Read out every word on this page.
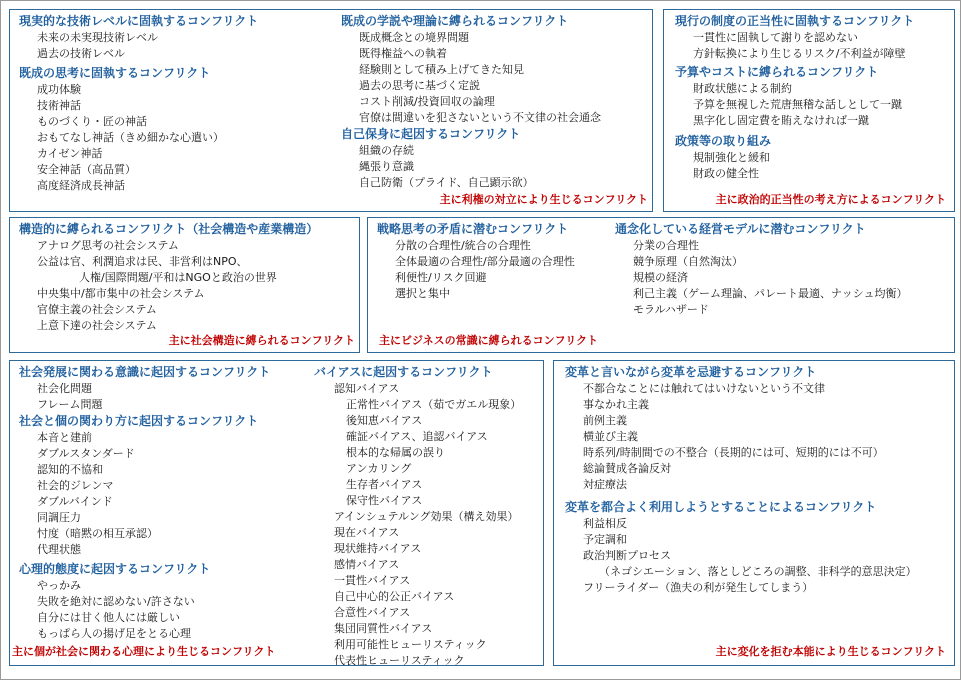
現実的な技術レベルに固執するコンフリクト
未来の未実現技術レベル
過去の技術レベル
既成の思考に固執するコンフリクト
成功体験
技術神話
ものづくり・匠の神話
おもてなし神話（きめ細かな心遣い）
カイゼン神話
安全神話（高品質）
高度経済成長神話
既成の学説や理論に縛られるコンフリクト
既成概念との境界問題
既得権益への執着
経験則として積み上げてきた知見
過去の思考に基づく定説
コスト削減/投資回収の論理
官僚は間違いを犯さないという不文律の社会通念
自己保身に起因するコンフリクト
組織の存続
縄張り意識
自己防衛（プライド、自己顕示欲）
主に利権の対立により生じるコンフリクト
現行の制度の正当性に固執するコンフリクト
一貫性に固執して謝りを認めない
方針転換により生じるリスク/不利益が障壁
予算やコストに縛られるコンフリクト
財政状態による制約
予算を無視した荒唐無稽な話しとして一蹴
黒字化し固定費を賄えなければ一蹴
政策等の取り組み
規制強化と緩和
財政の健全性
主に政治的正当性の考え方によるコンフリクト
構造的に縛られるコンフリクト（社会構造や産業構造）
アナログ思考の社会システム
公益は官、利潤追求は民、非営利はNPO、
人権/国際問題/平和はNGOと政治の世界
中央集中/都市集中の社会システム
官僚主義の社会システム
上意下達の社会システム
主に社会構造に縛られるコンフリクト
戦略思考の矛盾に潜むコンフリクト
分散の合理性/統合の合理性
全体最適の合理性/部分最適の合理性
利便性/リスク回避
選択と集中
通念化している経営モデルに潜むコンフリクト
分業の合理性
競争原理（自然淘汰）
規模の経済
利己主義（ゲーム理論、パレート最適、ナッシュ均衡）
モラルハザード
主にビジネスの常識に縛られるコンフリクト
社会発展に関わる意識に起因するコンフリクト
社会化問題
フレーム問題
社会と個の関わり方に起因するコンフリクト
本音と建前
ダブルスタンダード
認知的不協和
社会的ジレンマ
ダブルバインド
同調圧力
忖度（暗黙の相互承認）
代理状態
心理的態度に起因するコンフリクト
やっかみ
失敗を絶対に認めない/許さない
自分には甘く他人には厳しい
もっぱら人の揚げ足をとる心理
バイアスに起因するコンフリクト
認知バイアス
正常性バイアス（茹でガエル現象）
後知恵バイアス
確証バイアス、追認バイアス
根本的な帰属の誤り
アンカリング
生存者バイアス
保守性バイアス
アインシュテルング効果（構え効果）
現在バイアス
現状維持バイアス
感情バイアス
一貫性バイアス
自己中心的公正バイアス
合意性バイアス
集団同質性バイアス
利用可能性ヒューリスティック
代表性ヒューリスティック
主に個が社会に関わる心理により生じるコンフリクト
変革と言いながら変革を忌避するコンフリクト
不都合なことには触れてはいけないという不文律
事なかれ主義
前例主義
横並び主義
時系列/時制間での不整合（長期的には可、短期的には不可）
総論賛成各論反対
対症療法
変革を都合よく利用しようとすることによるコンフリクト
利益相反
予定調和
政治判断プロセス
（ネゴシエーション、落としどころの調整、非科学的意思決定）
フリーライダー（漁夫の利が発生してしまう）
主に変化を拒む本能により生じるコンフリクト
